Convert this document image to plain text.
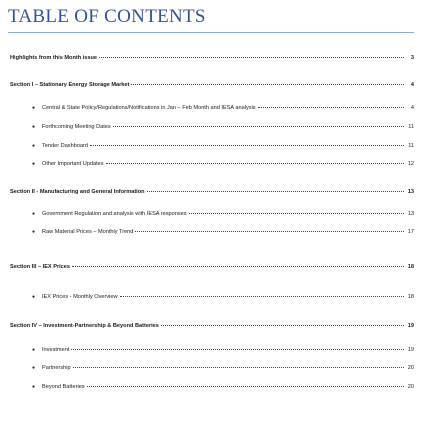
TABLE OF CONTENTS
Highlights from this Month issue	3
Section I – Stationary Energy Storage Market	4
●	Central & State Policy/Regulations/Notifications in Jan – Feb Month and IESA analysis	4
●	Forthcoming Meeting Dates	11
●	Tender Dashboard	11
●	Other Important Updates	12
Section II - Manufacturing and General Information	13
●	Government Regulation and analysis with IESA responses	13
●	Raw Material Prices – Monthly Trend	17
Section III – IEX Prices	18
●	IEX Prices - Monthly Overview	18
Section IV – Investment-Partnership & Beyond Batteries	19
●	Investment	19
●	Partnership	20
●	Beyond Batteries	20
